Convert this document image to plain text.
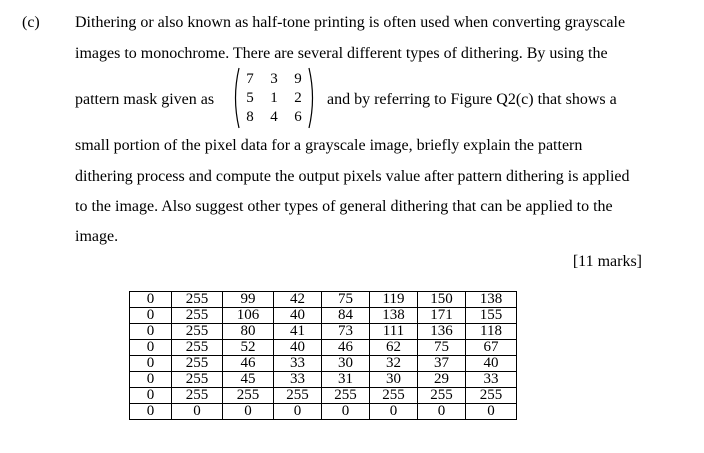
(c) Dithering or also known as half-tone printing is often used when converting grayscale
images to monochrome. There are several different types of dithering. By using the
pattern mask given as
7 3 9
5 1 2
8 4 6
and by referring to Figure Q2(c) that shows a
small portion of the pixel data for a grayscale image, briefly explain the pattern
dithering process and compute the output pixels value after pattern dithering is applied
to the image. Also suggest other types of general dithering that can be applied to the
image.
[11 marks]
0	255	99	42	75	119	150	138
0	255	106	40	84	138	171	155
0	255	80	41	73	111	136	118
0	255	52	40	46	62	75	67
0	255	46	33	30	32	37	40
0	255	45	33	31	30	29	33
0	255	255	255	255	255	255	255
0	0	0	0	0	0	0	0
